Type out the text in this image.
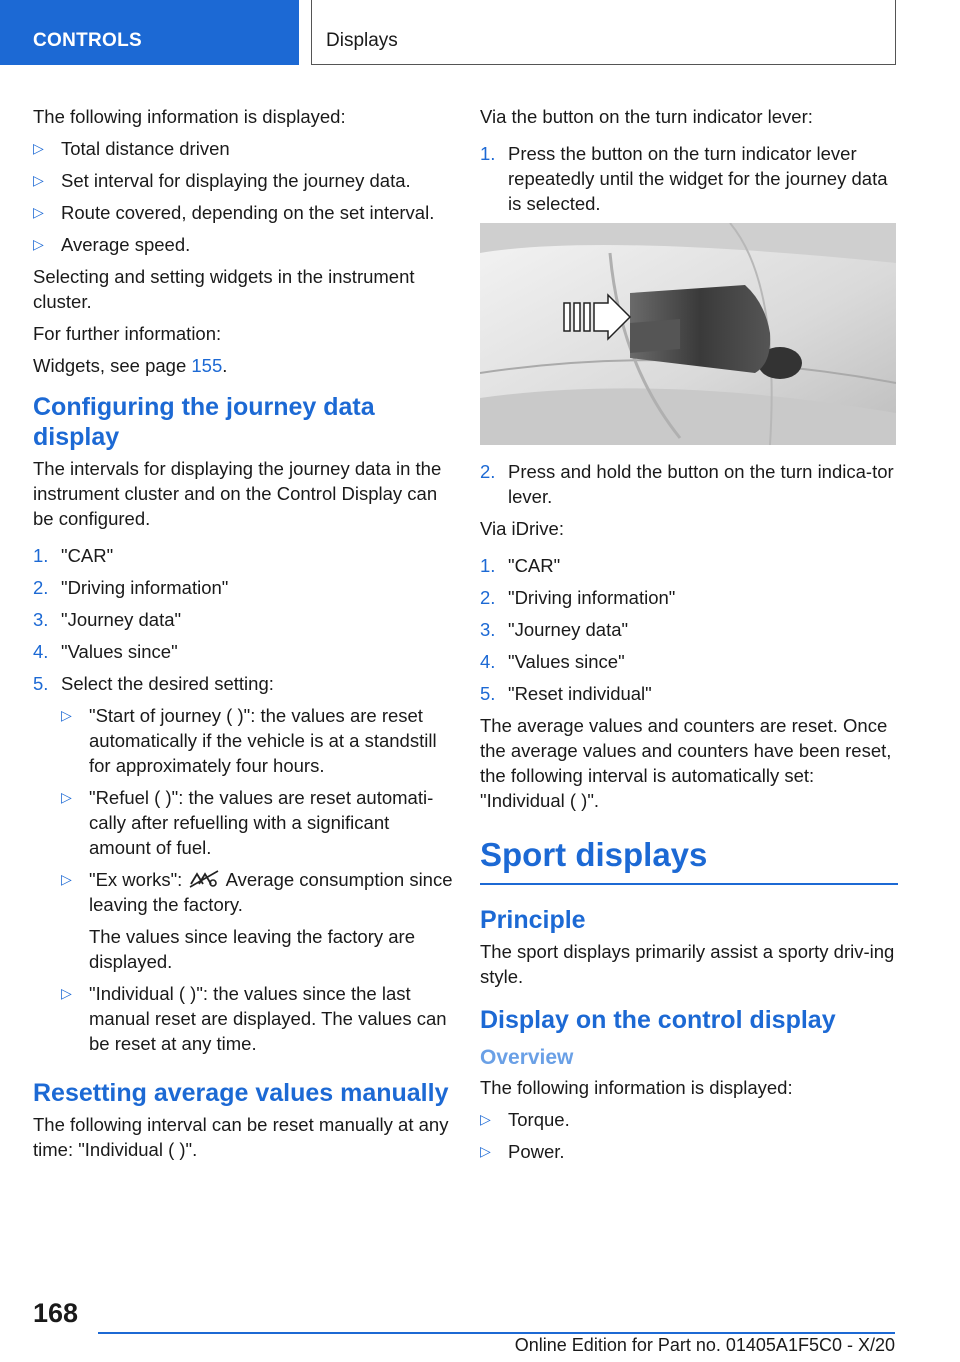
CONTROLS	Displays

The following information is displayed:

▷ Total distance driven
▷ Set interval for displaying the journey data.
▷ Route covered, depending on the set interval.
▷ Average speed.

Selecting and setting widgets in the instrument cluster.

For further information:

Widgets, see page 155.

Configuring the journey data display

The intervals for displaying the journey data in the instrument cluster and on the Control Display can be configured.

1. "CAR"
2. "Driving information"
3. "Journey data"
4. "Values since"
5. Select the desired setting:
▷ "Start of journey ( )": the values are reset automatically if the vehicle is at a standstill for approximately four hours.
▷ "Refuel ( )": the values are reset automati‐cally after refuelling with a significant amount of fuel.
▷ "Ex works":  Average consumption since leaving the factory.
The values since leaving the factory are displayed.
▷ "Individual ( )": the values since the last manual reset are displayed. The values can be reset at any time.
Resetting average values manually

The following interval can be reset manually at any time: "Individual ( )".

Via the button on the turn indicator lever:

1. Press the button on the turn indicator lever repeatedly until the widget for the journey data is selected.
2. Press and hold the button on the turn indica‐tor lever.

Via iDrive:

1. "CAR"
2. "Driving information"
3. "Journey data"
4. "Values since"
5. "Reset individual"

The average values and counters are reset. Once the average values and counters have been reset, the following interval is automatically set: "Individual ( )".

Sport displays
Principle

The sport displays primarily assist a sporty driv‐ing style.

Display on the control display
Overview

The following information is displayed:

▷ Torque.
▷ Power.
168
Online Edition for Part no. 01405A1F5C0 - X/20
